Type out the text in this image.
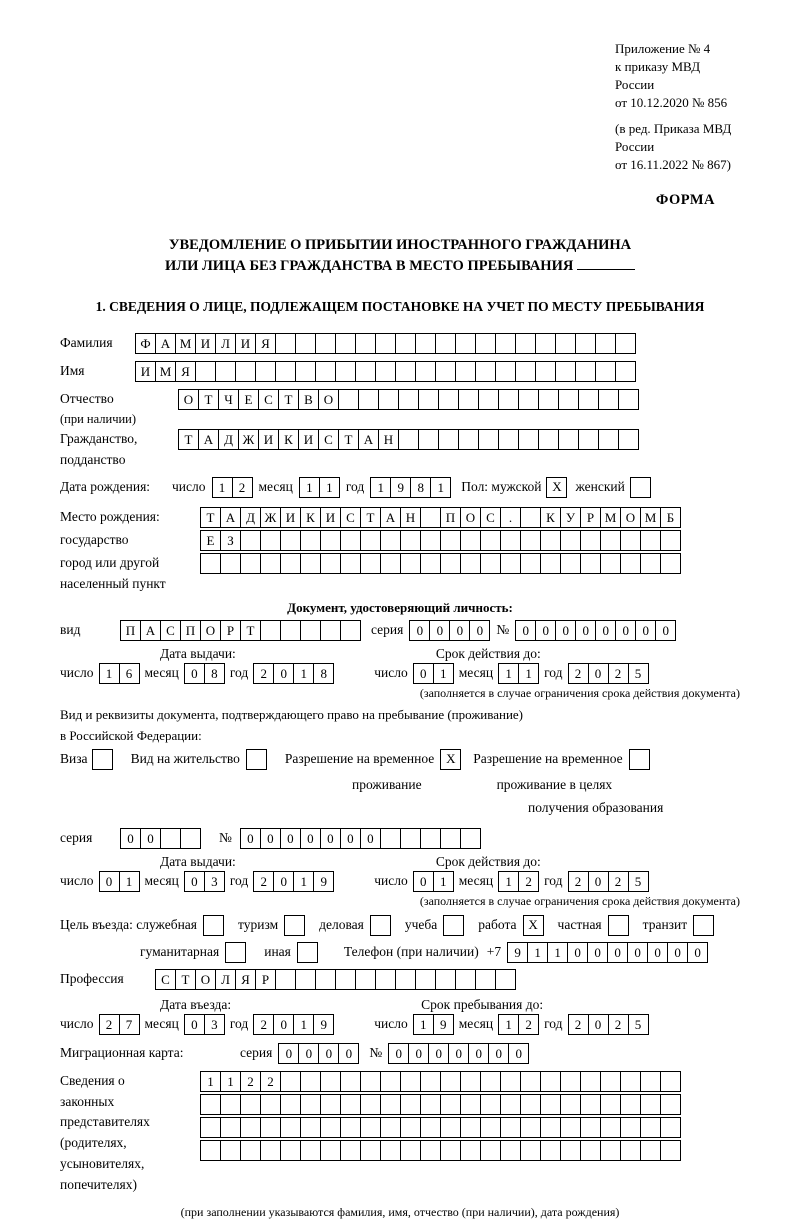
Приложение № 4
к приказу МВД России
от 10.12.2020 № 856
(в ред. Приказа МВД России
от 16.11.2022 № 867)
ФОРМА
УВЕДОМЛЕНИЕ О ПРИБЫТИИ ИНОСТРАННОГО ГРАЖДАНИНА
ИЛИ ЛИЦА БЕЗ ГРАЖДАНСТВА В МЕСТО ПРЕБЫВАНИЯ
1. СВЕДЕНИЯ О ЛИЦЕ, ПОДЛЕЖАЩЕМ ПОСТАНОВКЕ НА УЧЕТ ПО МЕСТУ ПРЕБЫВАНИЯ
Фамилия	Ф А М И Л И Я
Имя	И М Я
Отчество	О Т Ч Е С Т В О
(при наличии)
Гражданство,	Т А Д Ж И К И С Т А Н
подданство
Дата рождения:	число	1	2 месяц	1	1 год	1	9	8	1	Пол: мужской X	женский
Место рождения:	Т А Д Ж И К И С Т А Н	П О С	.	К У Р М О М Б
государство	Е З
город или другой
населенный пункт
Документ, удостоверяющий личность:
вид	П А С П О Р Т	серия	0	0	0	0 №	0	0	0	0	0	0	0	0
Дата выдачи:	Срок действия до:
число 1	6 месяц 0	8 год 2	0	1	8	число 0	1 месяц 1	1 год 2	0	2	5
(заполняется в случае ограничения срока действия документа)
Вид и реквизиты документа, подтверждающего право на пребывание (проживание)
в Российской Федерации:
Виза	Вид на жительство	Разрешение на временное X	Разрешение на временное
проживание	проживание в целях
получения образования
серия	0	0	№	0	0	0	0	0	0	0
Дата выдачи:	Срок действия до:
число 0	1 месяц 0	3 год 2	0	1	9	число 0	1 месяц 1	2 год 2	0	2	5
(заполняется в случае ограничения срока действия документа)
Цель въезда: служебная	туризм	деловая	учеба	работа X	частная	транзит
гуманитарная	иная	Телефон (при наличии) +7	9	1	1	0	0	0	0	0	0	0
Профессия	С Т О Л Я Р
Дата въезда:	Срок пребывания до:
число 2	7 месяц 0	3 год 2	0	1	9	число 1	9 месяц 1	2 год 2	0	2	5
Миграционная карта:	серия	0	0	0	0	№	0	0	0	0	0	0	0
Сведения о
законных
представителях
(родителях,
усыновителях,
попечителях)
1	1	2	2
(при заполнении указываются фамилия, имя, отчество (при наличии), дата рождения)
